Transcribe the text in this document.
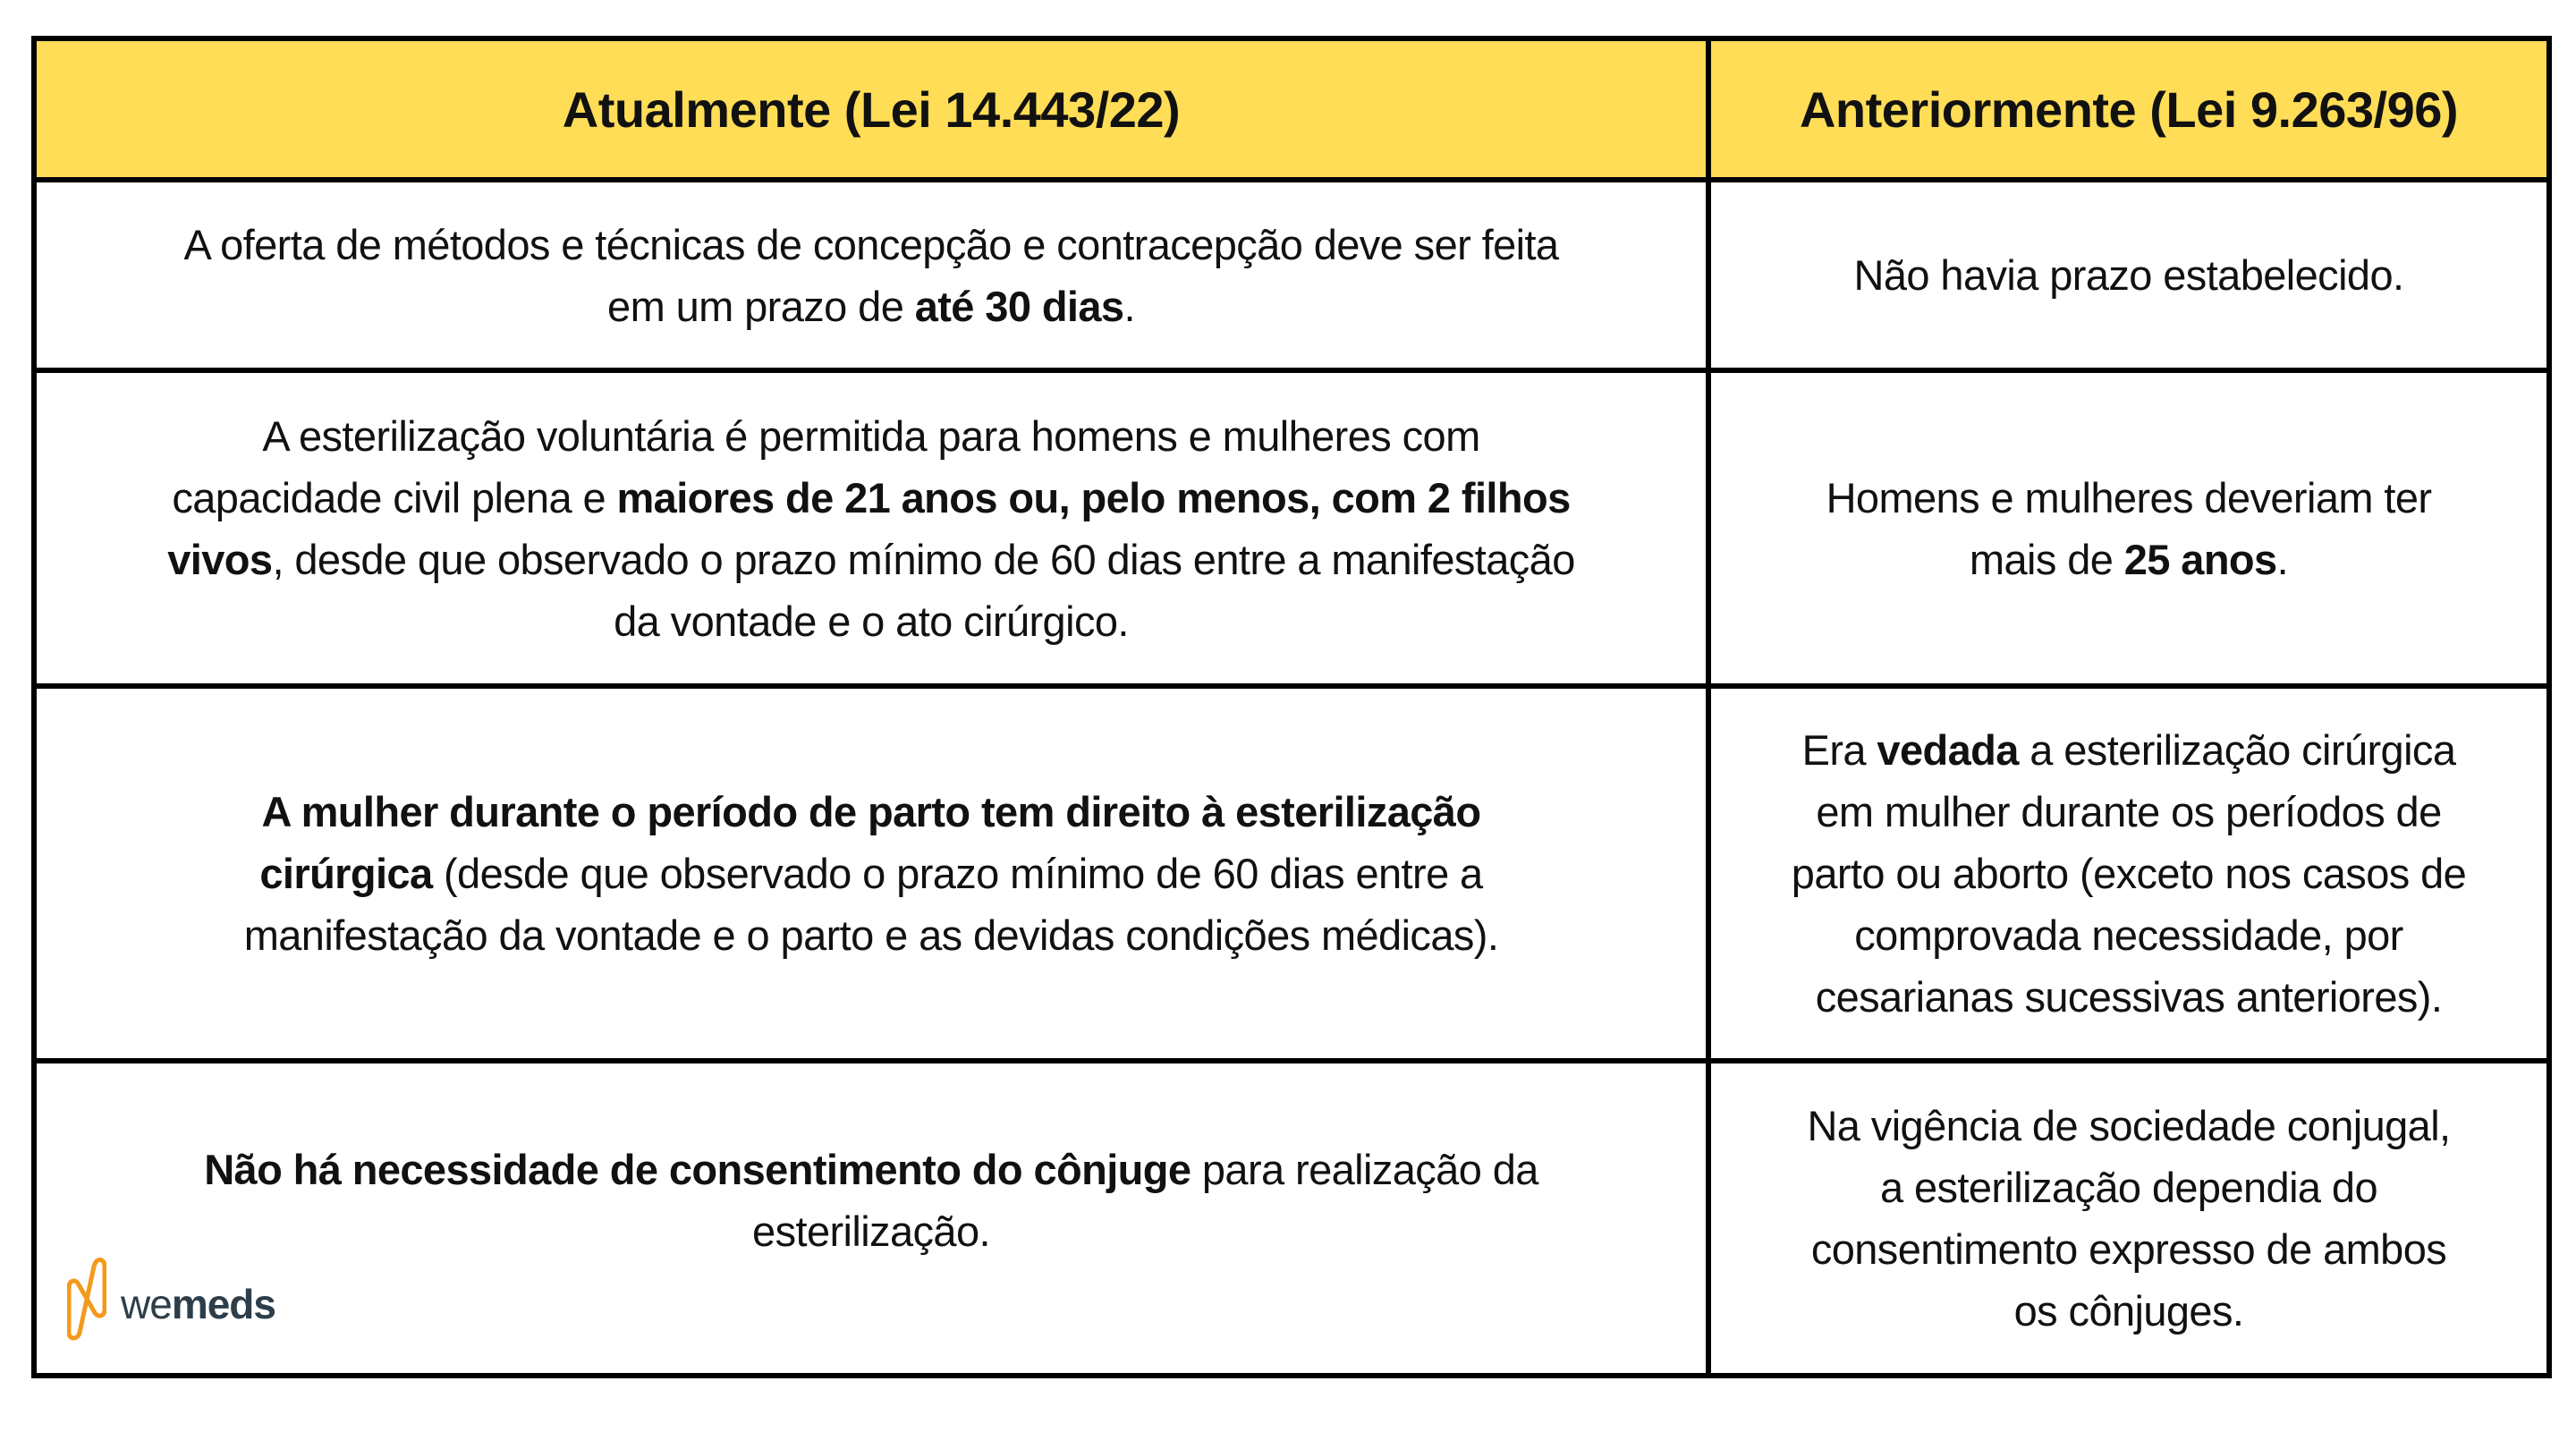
Atualmente (Lei 14.443/22)	Anteriormente (Lei 9.263/96)

A oferta de métodos e técnicas de concepção e contracepção deve ser feita
em um prazo de até 30 dias.	Não havia prazo estabelecido.

A esterilização voluntária é permitida para homens e mulheres com
capacidade civil plena e maiores de 21 anos ou, pelo menos, com 2 filhos
vivos, desde que observado o prazo mínimo de 60 dias entre a manifestação
da vontade e o ato cirúrgico.	Homens e mulheres deveriam ter
mais de 25 anos.

A mulher durante o período de parto tem direito à esterilização
cirúrgica (desde que observado o prazo mínimo de 60 dias entre a
manifestação da vontade e o parto e as devidas condições médicas).	Era vedada a esterilização cirúrgica
em mulher durante os períodos de
parto ou aborto (exceto nos casos de
comprovada necessidade, por
cesarianas sucessivas anteriores).

Não há necessidade de consentimento do cônjuge para realização da
esterilização.	Na vigência de sociedade conjugal,
a esterilização dependia do
consentimento expresso de ambos
os cônjuges.
wemeds
